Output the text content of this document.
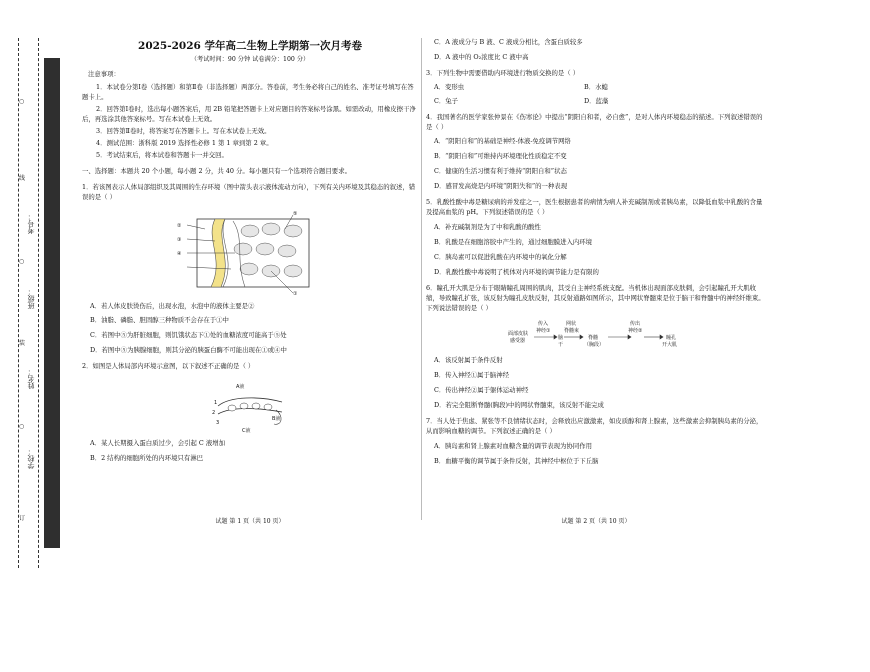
学校：
姓名：
班级：
考号：
线
装
订
○
○
○

2025-2026 学年高二生物上学期第一次月考卷

（考试时间：90 分钟 试卷满分：100 分）

注意事项：

1．本试卷分第Ⅰ卷（选择题）和第Ⅱ卷（非选择题）两部分。答卷前，考生务必将自己的姓名、准考证号填写在答题卡上。

2．回答第Ⅰ卷时，选出每小题答案后，用 2B 铅笔把答题卡上对应题目的答案标号涂黑。如需改动，用橡皮擦干净后，再选涂其他答案标号。写在本试卷上无效。

3．回答第Ⅱ卷时，将答案写在答题卡上。写在本试卷上无效。

4．测试范围：浙科版 2019 选择性必修 1 第 1 章到第 2 章。

5．考试结束后，将本试卷和答题卡一并交回。

一、选择题：本题共 20 个小题，每小题 2 分，共 40 分。每小题只有一个选项符合题目要求。

1．若该图表示人体局部组织及其周围的生存环境（图中箭头表示液体流动方向），下列有关内环境及其稳态的叙述，错误的是（ ）

②
③
④
⑤
①

A．若人体皮肤烫伤后，出现水泡，水泡中的液体主要是②

B．油脂、磷脂、胆固醇三种物质不会存在于①中

C．若图中⑤为肝脏细胞，则饥饿状态下①处的血糖浓度可能高于⑤处

D．若图中⑤为胰腺细胞，则其分泌的胰蛋白酶不可能出现在①或④中

2．如图是人体局部内环境示意图，以下叙述不正确的是（ ）

A液
B液
C液
1
2
3

A．某人长期摄入蛋白质过少，会引起 C 液增加

B．2 结构的细胞所处的内环境只有淋巴

C．A 液成分与 B 液、C 液成分相比，含蛋白质较多

D．A 液中的 O₂浓度比 C 液中高

3．下列生物中需要借助内环境进行物质交换的是（ ）

A．变形虫	B．水螅
C．兔子	D．蓝藻

4．我国著名的医学家张仲景在《伤寒论》中提出“阴阳自和者，必自愈”，是对人体内环境稳态的描述。下列叙述错误的是（ ）

A．“阴阳自和”的基础是神经-体液-免疫调节网络

B．“阴阳自和”可维持内环境理化性质稳定不变

C．健康的生活习惯有利于维持“阴阳自和”状态

D．感冒发高烧是内环境“阴阳失和”的一种表现

5．乳酸性酸中毒是糖尿病的并发症之一，医生根据患者的病情为病人补充碱制剂或者胰岛素，以降低血浆中乳酸的含量及提高血浆的 pH。下列叙述错误的是（ ）

A．补充碱制剂是为了中和乳酸的酸性

B．乳酸是在细胞溶胶中产生的，通过细胞膜进入内环境

C．胰岛素可以促进乳酸在内环境中的氧化分解

D．乳酸性酸中毒说明了机体对内环境的调节能力是有限的

6．瞳孔开大肌是分布于眼睛瞳孔周围的肌肉，其受自主神经系统支配。当机体出现面部皮肤刺，会引起瞳孔开大肌收缩，导致瞳孔扩张，该反射为瞳孔皮肤反射，其反射通路如图所示，其中网状脊髓束是位于脑干和脊髓中的神经纤维束。下列说法错误的是（ ）

面部皮肤
感受器
传入
神经①
脑
干
网状
脊髓束
脊髓
（胸段）
传出
神经②
瞳孔
开大肌

A．该反射属于条件反射

B．传入神经①属于脑神经

C．传出神经②属于躯体运动神经

D．若完全阻断脊髓(胸段)中的网状脊髓束，该反射不能完成

7．当人处于焦虑、紧张等不良情绪状态时，会释放出应激激素，如皮质醇和肾上腺素，这些激素会抑制胰岛素的分泌，从而影响血糖的调节。下列叙述正确的是（ ）

A．胰岛素和肾上腺素对血糖含量的调节表现为协同作用

B．血糖平衡的调节属于条件反射，其神经中枢位于下丘脑

试题 第 1 页（共 10 页）	试题 第 2 页（共 10 页）
